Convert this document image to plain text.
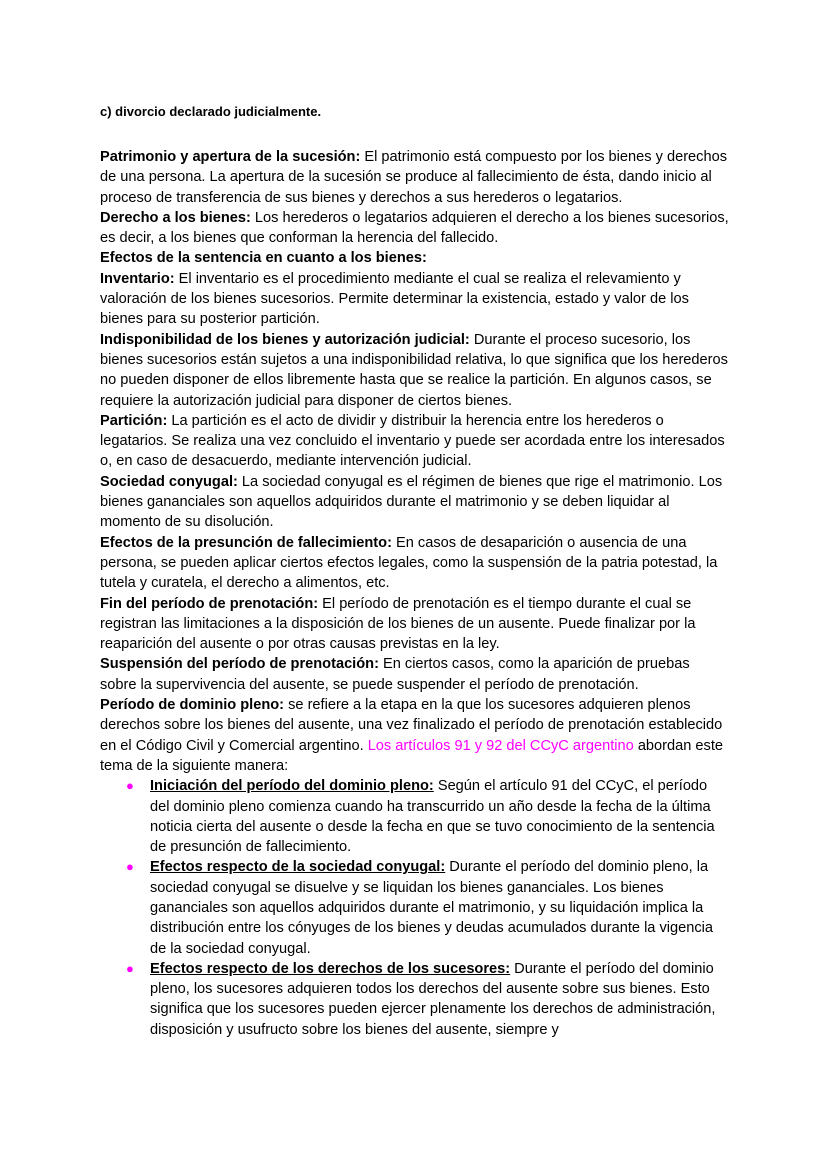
c) divorcio declarado judicialmente.

Patrimonio y apertura de la sucesión: El patrimonio está compuesto por los bienes y derechos de una persona. La apertura de la sucesión se produce al fallecimiento de ésta, dando inicio al proceso de transferencia de sus bienes y derechos a sus herederos o legatarios.

Derecho a los bienes: Los herederos o legatarios adquieren el derecho a los bienes sucesorios, es decir, a los bienes que conforman la herencia del fallecido.

Efectos de la sentencia en cuanto a los bienes:

Inventario: El inventario es el procedimiento mediante el cual se realiza el relevamiento y valoración de los bienes sucesorios. Permite determinar la existencia, estado y valor de los bienes para su posterior partición.

Indisponibilidad de los bienes y autorización judicial: Durante el proceso sucesorio, los bienes sucesorios están sujetos a una indisponibilidad relativa, lo que significa que los herederos no pueden disponer de ellos libremente hasta que se realice la partición. En algunos casos, se requiere la autorización judicial para disponer de ciertos bienes.

Partición: La partición es el acto de dividir y distribuir la herencia entre los herederos o legatarios. Se realiza una vez concluido el inventario y puede ser acordada entre los interesados o, en caso de desacuerdo, mediante intervención judicial.

Sociedad conyugal: La sociedad conyugal es el régimen de bienes que rige el matrimonio. Los bienes gananciales son aquellos adquiridos durante el matrimonio y se deben liquidar al momento de su disolución.

Efectos de la presunción de fallecimiento: En casos de desaparición o ausencia de una persona, se pueden aplicar ciertos efectos legales, como la suspensión de la patria potestad, la tutela y curatela, el derecho a alimentos, etc.

Fin del período de prenotación: El período de prenotación es el tiempo durante el cual se registran las limitaciones a la disposición de los bienes de un ausente. Puede finalizar por la reaparición del ausente o por otras causas previstas en la ley.

Suspensión del período de prenotación: En ciertos casos, como la aparición de pruebas sobre la supervivencia del ausente, se puede suspender el período de prenotación.

Período de dominio pleno: se refiere a la etapa en la que los sucesores adquieren plenos derechos sobre los bienes del ausente, una vez finalizado el período de prenotación establecido en el Código Civil y Comercial argentino. Los artículos 91 y 92 del CCyC argentino abordan este tema de la siguiente manera:

● Iniciación del período del dominio pleno: Según el artículo 91 del CCyC, el período del dominio pleno comienza cuando ha transcurrido un año desde la fecha de la última noticia cierta del ausente o desde la fecha en que se tuvo conocimiento de la sentencia de presunción de fallecimiento.
● Efectos respecto de la sociedad conyugal: Durante el período del dominio pleno, la sociedad conyugal se disuelve y se liquidan los bienes gananciales. Los bienes gananciales son aquellos adquiridos durante el matrimonio, y su liquidación implica la distribución entre los cónyuges de los bienes y deudas acumulados durante la vigencia de la sociedad conyugal.
● Efectos respecto de los derechos de los sucesores: Durante el período del dominio pleno, los sucesores adquieren todos los derechos del ausente sobre sus bienes. Esto significa que los sucesores pueden ejercer plenamente los derechos de administración, disposición y usufructo sobre los bienes del ausente, siempre y
